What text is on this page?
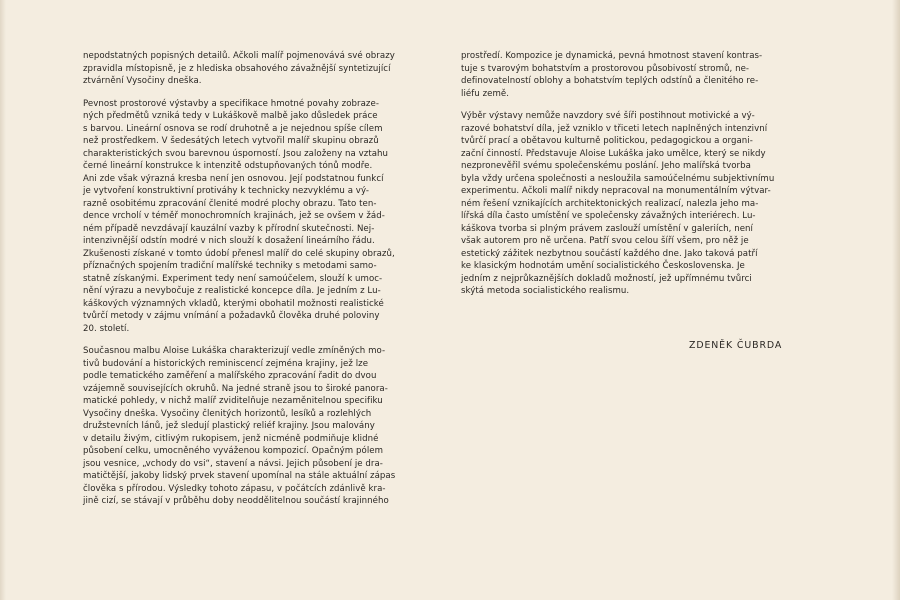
nepodstatných popisných detailů. Ačkoli malíř pojmenovává své obrazy
zpravidla místopisně, je z hlediska obsahového závažnější syntetizující
ztvárnění Vysočiny dneška.

Pevnost prostorové výstavby a specifikace hmotné povahy zobraze-
ných předmětů vzniká tedy v Lukáškově malbě jako důsledek práce
s barvou. Lineární osnova se rodí druhotně a je nejednou spíše cílem
než prostředkem. V šedesátých letech vytvořil malíř skupinu obrazů
charakteristických svou barevnou úsporností. Jsou založeny na vztahu
černé lineární konstrukce k intenzitě odstupňovaných tónů modře.
Ani zde však výrazná kresba není jen osnovou. Její podstatnou funkcí
je vytvoření konstruktivní protiváhy k technicky nezvyklému a vý-
razně osobitému zpracování členité modré plochy obrazu. Tato ten-
dence vrcholí v téměř monochromních krajinách, jež se ovšem v žád-
ném případě nevzdávají kauzální vazby k přírodní skutečnosti. Nej-
intenzivnější odstín modré v nich slouží k dosažení lineárního řádu.
Zkušenosti získané v tomto údobí přenesl malíř do celé skupiny obrazů,
příznačných spojením tradiční malířské techniky s metodami samo-
statně získanými. Experiment tedy není samoúčelem, slouží k umoc-
nění výrazu a nevybočuje z realistické koncepce díla. Je jedním z Lu-
káškových významných vkladů, kterými obohatil možnosti realistické
tvůrčí metody v zájmu vnímání a požadavků člověka druhé poloviny
20. století.

Současnou malbu Aloise Lukáška charakterizují vedle zmíněných mo-
tivů budování a historických reminiscencí zejména krajiny, jež lze
podle tematického zaměření a malířského zpracování řadit do dvou
vzájemně souvisejících okruhů. Na jedné straně jsou to široké panora-
matické pohledy, v nichž malíř zviditelňuje nezaměnitelnou specifiku
Vysočiny dneška. Vysočiny členitých horizontů, lesíků a rozlehlých
družstevních lánů, jež sledují plastický reliéf krajiny. Jsou malovány
v detailu živým, citlivým rukopisem, jenž nicméně podmiňuje klidné
působení celku, umocněného vyváženou kompozicí. Opačným pólem
jsou vesnice, „vchody do vsi“, stavení a návsi. Jejich působení je dra-
matičtější, jakoby lidský prvek stavení upomínal na stále aktuální zápas
člověka s přírodou. Výsledky tohoto zápasu, v počátcích zdánlivě kra-
jině cizí, se stávají v průběhu doby neoddělitelnou součástí krajinného

prostředí. Kompozice je dynamická, pevná hmotnost stavení kontras-
tuje s tvarovým bohatstvím a prostorovou působivostí stromů, ne-
definovatelností oblohy a bohatstvím teplých odstínů a členitého re-
liéfu země.

Výběr výstavy nemůže navzdory své šíři postihnout motivické a vý-
razové bohatství díla, jež vzniklo v třiceti letech naplněných intenzivní
tvůrčí prací a obětavou kulturně politickou, pedagogickou a organi-
zační činností. Představuje Aloise Lukáška jako umělce, který se nikdy
nezpronevěřil svému společenskému poslání. Jeho malířská tvorba
byla vždy určena společnosti a nesloužila samoúčelnému subjektivnímu
experimentu. Ačkoli malíř nikdy nepracoval na monumentálním výtvar-
ném řešení vznikajících architektonických realizací, nalezla jeho ma-
lířská díla často umístění ve společensky závažných interiérech. Lu-
káškova tvorba si plným právem zaslouží umístění v galeriích, není
však autorem pro ně určena. Patří svou celou šíří všem, pro něž je
estetický zážitek nezbytnou součástí každého dne. Jako taková patří
ke klasickým hodnotám umění socialistického Československa. Je
jedním z nejprůkaznějších dokladů možností, jež upřímnému tvůrci
skýtá metoda socialistického realismu.

ZDENĚK ČUBRDA
